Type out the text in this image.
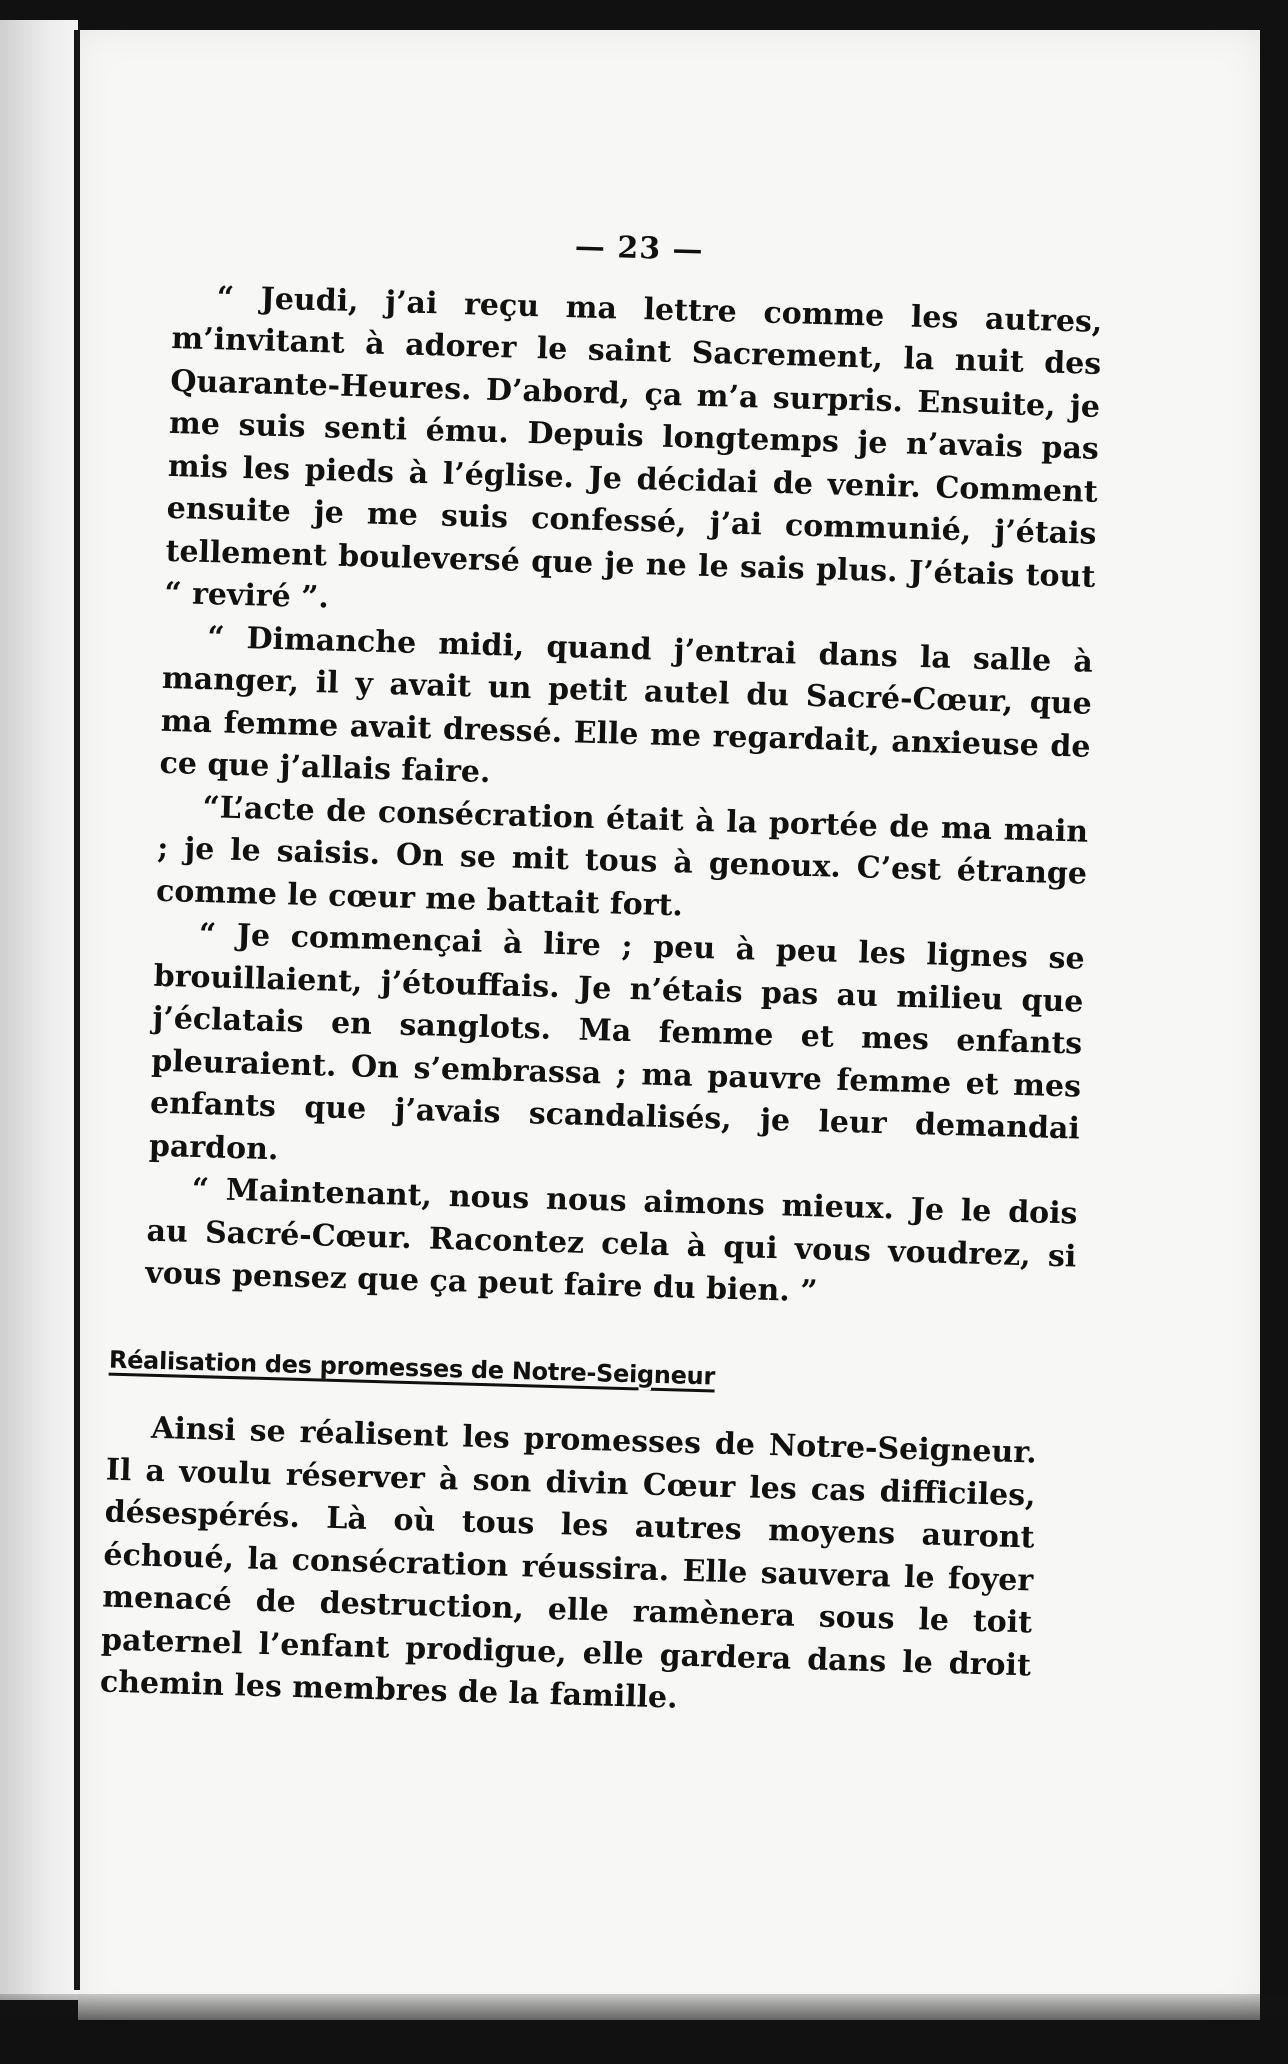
— 23 —

“ Jeudi, j’ai reçu ma lettre comme les autres, m’invitant à adorer le saint Sacrement, la nuit des Quarante-Heures. D’abord, ça m’a surpris. Ensuite, je me suis senti ému. Depuis longtemps je n’avais pas mis les pieds à l’église. Je décidai de venir. Comment ensuite je me suis confessé, j’ai communié, j’étais tellement bouleversé que je ne le sais plus. J’étais tout “ reviré ”.

“ Dimanche midi, quand j’entrai dans la salle à manger, il y avait un petit autel du Sacré-Cœur, que ma femme avait dressé. Elle me regardait, anxieuse de ce que j’allais faire.

“L’acte de consécration était à la portée de ma main ; je le saisis. On se mit tous à genoux. C’est étrange comme le cœur me battait fort.

“ Je commençai à lire ; peu à peu les lignes se brouillaient, j’étouffais. Je n’étais pas au milieu que j’éclatais en sanglots. Ma femme et mes enfants pleuraient. On s’embrassa ; ma pauvre femme et mes enfants que j’avais scandalisés, je leur demandai pardon.

“ Maintenant, nous nous aimons mieux. Je le dois au Sacré-Cœur. Racontez cela à qui vous voudrez, si vous pensez que ça peut faire du bien. ”

Réalisation des promesses de Notre-Seigneur

Ainsi se réalisent les promesses de Notre-Seigneur. Il a voulu réserver à son divin Cœur les cas difficiles, désespérés. Là où tous les autres moyens auront échoué, la consécration réussira. Elle sauvera le foyer menacé de destruction, elle ramènera sous le toit paternel l’enfant prodigue, elle gardera dans le droit chemin les membres de la famille.
